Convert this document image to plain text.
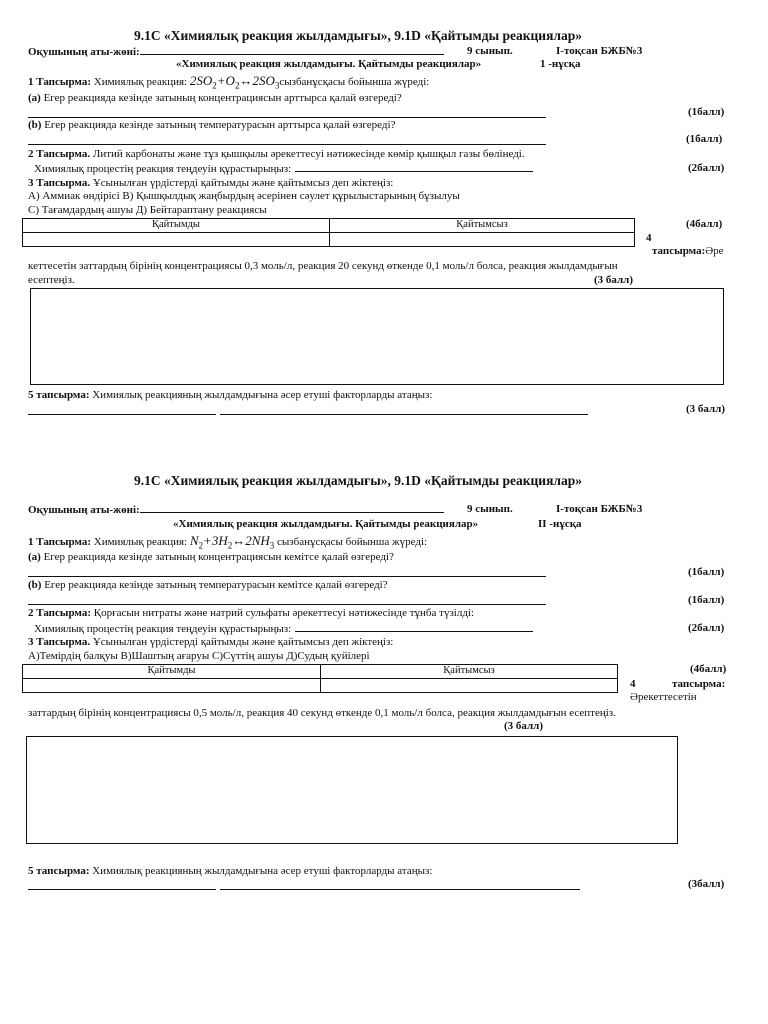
9.1С «Химиялық реакция жылдамдығы», 9.1D «Қайтымды реакциялар»
Оқушының аты-жөні:	9 сынып.	І-тоқсан БЖБ№3
«Химиялық реакция жылдамдығы. Қайтымды реакциялар»	1 -нұсқа
1 Тапсырма: Химиялық реакция: $2SO_2+O_2\leftrightarrow 2SO_3сызбанұсқасы$ бойынша жүреді:
(а) Егер реакцияда кезінде затының концентрациясын арттырса қалай өзгереді?
(1балл)
(b) Егер реакцияда кезінде затының температурасын арттырса қалай өзгереді?
(1балл)
2 Тапсырма. Литий карбонаты және тұз қышқылы әрекеттесуі нәтижесінде көмір қышқыл газы бөлінеді.
Химиялық процестің реакция теңдеуін құрастырыңыз:	(2балл)
3 Тапсырма. Ұсынылған үрдістерді қайтымды және қайтымсыз деп жіктеңіз:
А) Аммиак өндірісі В) Қышқылдық жаңбырдың әсерінен сәулет құрылыстарының бұзылуы
С) Тағамдардың ашуы Д) Бейтараптану реакциясы
(4балл)
Қайтымды	Қайтымсыз

4
тапсырма:Әре
кеттесетін заттардың бірінің концентрациясы 0,3 моль/л, реакция 20 секунд өткенде 0,1 моль/л болса, реакция жылдамдығын
есептеңіз.	(3 балл)
5 тапсырма: Химиялық реакцияның жылдамдығына әсер етуші факторларды атаңыз:
(3 балл)
9.1С «Химиялық реакция жылдамдығы», 9.1D «Қайтымды реакциялар»
Оқушының аты-жөні:	9 сынып.	І-тоқсан БЖБ№3
«Химиялық реакция жылдамдығы. Қайтымды реакциялар»	ІІ -нұсқа
1 Тапсырма: Химиялық реакция: $N_2+3H_2\leftrightarrow 2NH_3$ сызбанұсқасы бойынша жүреді:
(а) Егер реакцияда кезінде затының концентрациясын кемітсе қалай өзгереді?
(1балл)
(b) Егер реакцияда кезінде затының температурасын кемітсе қалай өзгереді?
(1балл)
2 Тапсырма: Қорғасын нитраты және натрий сульфаты әрекеттесуі нәтижесінде тұнба түзілді:
Химиялық процестің реакция теңдеуін құрастырыңыз:	(2балл)
3 Тапсырма. Ұсынылған үрдістерді қайтымды және қайтымсыз деп жіктеңіз:
А)Темірдің балқуы В)Шаштың ағаруы С)Сүттің ашуы Д)Судың қуйілері
(4балл)
Қайтымды	Қайтымсыз

4	тапсырма:
Әрекеттесетін
заттардың бірінің концентрациясы 0,5 моль/л, реакция 40 секунд өткенде 0,1 моль/л болса, реакция жылдамдығын есептеңіз.
(3 балл)
5 тапсырма: Химиялық реакцияның жылдамдығына әсер етуші факторларды атаңыз:
(3балл)
